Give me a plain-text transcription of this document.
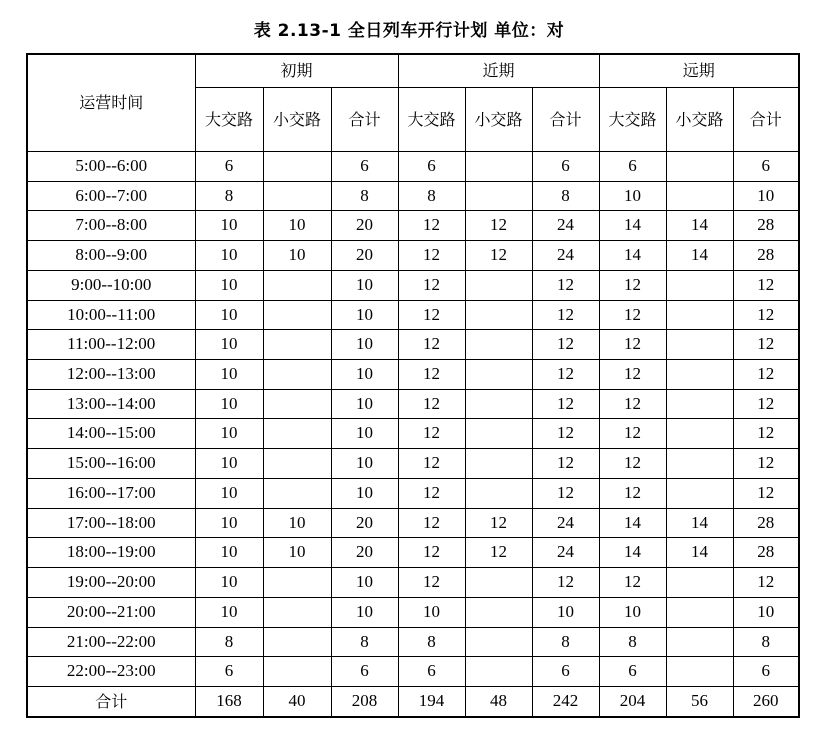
表 2.13-1 全日列车开行计划 单位：对
运营时间	初期			近期			远期		
	大交路	小交路	合计	大交路	小交路	合计	大交路	小交路	合计
5:00--6:00	6		6	6		6	6		6
6:00--7:00	8		8	8		8	10		10
7:00--8:00	10	10	20	12	12	24	14	14	28
8:00--9:00	10	10	20	12	12	24	14	14	28
9:00--10:00	10		10	12		12	12		12
10:00--11:00	10		10	12		12	12		12
11:00--12:00	10		10	12		12	12		12
12:00--13:00	10		10	12		12	12		12
13:00--14:00	10		10	12		12	12		12
14:00--15:00	10		10	12		12	12		12
15:00--16:00	10		10	12		12	12		12
16:00--17:00	10		10	12		12	12		12
17:00--18:00	10	10	20	12	12	24	14	14	28
18:00--19:00	10	10	20	12	12	24	14	14	28
19:00--20:00	10		10	12		12	12		12
20:00--21:00	10		10	10		10	10		10
21:00--22:00	8		8	8		8	8		8
22:00--23:00	6		6	6		6	6		6
合计	168	40	208	194	48	242	204	56	260
